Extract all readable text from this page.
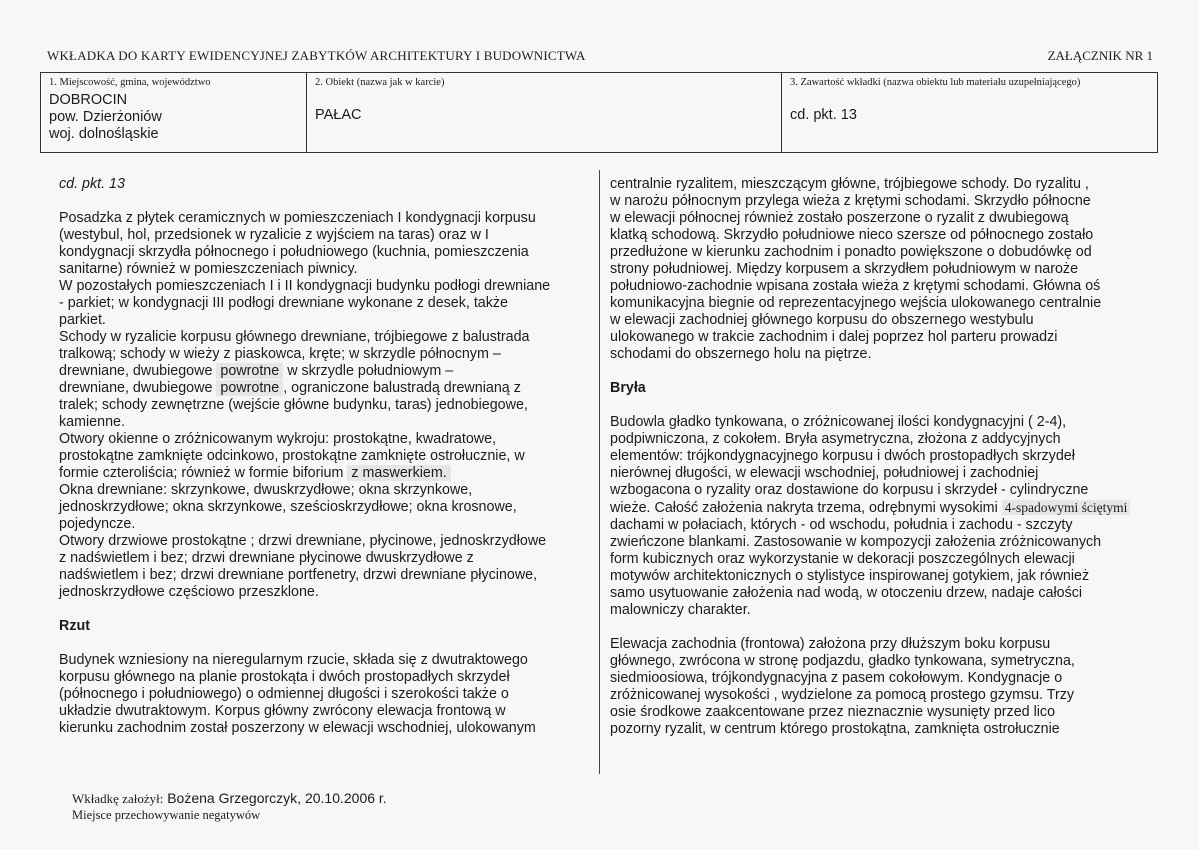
WKŁADKA DO KARTY EWIDENCYJNEJ ZABYTKÓW ARCHITEKTURY I BUDOWNICTWA	ZAŁĄCZNIK NR 1
1. Miejscowość, gmina, województwo
DOBROCIN
pow. Dzierżoniów
woj. dolnośląskie
2. Obiekt (nazwa jak w karcie)
PAŁAC
3. Zawartość wkładki (nazwa obiektu lub materiału uzupełniającego)
cd. pkt. 13
cd. pkt. 13
Posadzka z płytek ceramicznych w pomieszczeniach I kondygnacji korpusu
(westybul, hol, przedsionek w ryzalicie z wyjściem na taras) oraz w I
kondygnacji skrzydła północnego i południowego (kuchnia, pomieszczenia
sanitarne) również w pomieszczeniach piwnicy.
W pozostałych pomieszczeniach I i II kondygnacji budynku podłogi drewniane
- parkiet; w kondygnacji III podłogi drewniane wykonane z desek, także
parkiet.
Schody w ryzalicie korpusu głównego drewniane, trójbiegowe z balustrada
tralkową; schody w wieży z piaskowca, kręte; w skrzydle północnym –
drewniane, dwubiegowe powrotne w skrzydle południowym –
drewniane, dwubiegowe powrotne , ograniczone balustradą drewnianą z
tralek; schody zewnętrzne (wejście główne budynku, taras) jednobiegowe,
kamienne.
Otwory okienne o zróżnicowanym wykroju: prostokątne, kwadratowe,
prostokątne zamknięte odcinkowo, prostokątne zamknięte ostrołucznie, w
formie czteroliścia; również w formie biforium z maswerkiem.
Okna drewniane: skrzynkowe, dwuskrzydłowe; okna skrzynkowe,
jednoskrzydłowe; okna skrzynkowe, sześcioskrzydłowe; okna krosnowe,
pojedyncze.
Otwory drzwiowe prostokątne ; drzwi drewniane, płycinowe, jednoskrzydłowe
z nadświetlem i bez; drzwi drewniane płycinowe dwuskrzydłowe z
nadświetlem i bez; drzwi drewniane portfenetry, drzwi drewniane płycinowe,
jednoskrzydłowe częściowo przeszklone.
Rzut
Budynek wzniesiony na nieregularnym rzucie, składa się z dwutraktowego
korpusu głównego na planie prostokąta i dwóch prostopadłych skrzydeł
(północnego i południowego) o odmiennej długości i szerokości także o
układzie dwutraktowym. Korpus główny zwrócony elewacja frontową w
kierunku zachodnim został poszerzony w elewacji wschodniej, ulokowanym
centralnie ryzalitem, mieszczącym główne, trójbiegowe schody. Do ryzalitu ,
w narożu północnym przylega wieża z krętymi schodami. Skrzydło północne
w elewacji północnej również zostało poszerzone o ryzalit z dwubiegową
klatką schodową. Skrzydło południowe nieco szersze od północnego zostało
przedłużone w kierunku zachodnim i ponadto powiększone o dobudówkę od
strony południowej. Między korpusem a skrzydłem południowym w narożе
południowo-zachodnie wpisana została wieża z krętymi schodami. Główna oś
komunikacyjna biegnie od reprezentacyjnego wejścia ulokowanego centralnie
w elewacji zachodniej głównego korpusu do obszernego westybulu
ulokowanego w trakcie zachodnim i dalej poprzez hol parteru prowadzi
schodami do obszernego holu na piętrze.
Bryła
Budowla gładko tynkowana, o zróżnicowanej ilości kondygnacyjni ( 2-4),
podpiwniczona, z cokołem. Bryła asymetryczna, złożona z addycyjnych
elementów: trójkondygnacyjnego korpusu i dwóch prostopadłych skrzydeł
nierównej długości, w elewacji wschodniej, południowej i zachodniej
wzbogacona o ryzality oraz dostawione do korpusu i skrzydeł - cylindryczne
wieże. Całość założenia nakryta trzema, odrębnymi wysokimi 4-spadowymi ściętymi
dachami w połaciach, których - od wschodu, południa i zachodu - szczyty
zwieńczone blankami. Zastosowanie w kompozycji założenia zróżnicowanych
form kubicznych oraz wykorzystanie w dekoracji poszczególnych elewacji
motywów architektonicznych o stylistyce inspirowanej gotykiem, jak również
samo usytuowanie założenia nad wodą, w otoczeniu drzew, nadaje całości
malowniczy charakter.
Elewacja zachodnia (frontowa) założona przy dłuższym boku korpusu
głównego, zwrócona w stronę podjazdu, gładko tynkowana, symetryczna,
siedmioosiowa, trójkondygnacyjna z pasem cokołowym. Kondygnacje o
zróżnicowanej wysokości , wydzielone za pomocą prostego gzymsu. Trzy
osie środkowe zaakcentowane przez nieznacznie wysunięty przed lico
pozorny ryzalit, w centrum którego prostokątna, zamknięta ostrołucznie
Wkładkę założył: Bożena Grzegorczyk, 20.10.2006 r.
Miejsce przechowywanie negatywów
